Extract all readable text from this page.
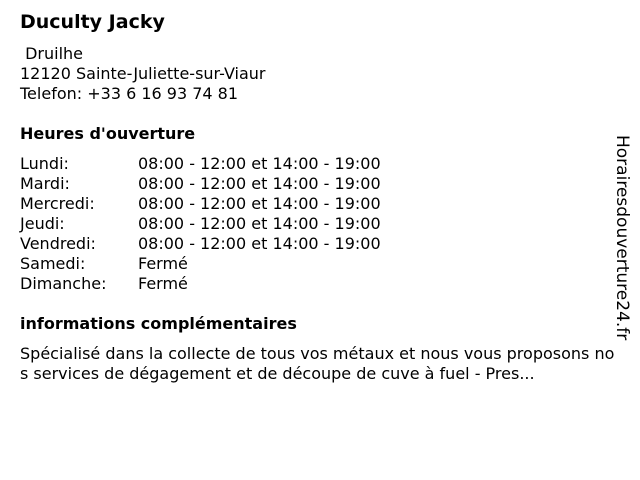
Duculty Jacky
Druilhe
12120 Sainte-Juliette-sur-Viaur
Telefon: +33 6 16 93 74 81
Heures d'ouverture
Lundi:	08:00 - 12:00 et 14:00 - 19:00
Mardi:	08:00 - 12:00 et 14:00 - 19:00
Mercredi:	08:00 - 12:00 et 14:00 - 19:00
Jeudi:	08:00 - 12:00 et 14:00 - 19:00
Vendredi:	08:00 - 12:00 et 14:00 - 19:00
Samedi:	Fermé
Dimanche: Fermé
informations complémentaires
Spécialisé dans la collecte de tous vos métaux et nous vous proposons nos services de dégagement et de découpe de cuve à fuel - Pres...
Horairesdouverture24.fr
